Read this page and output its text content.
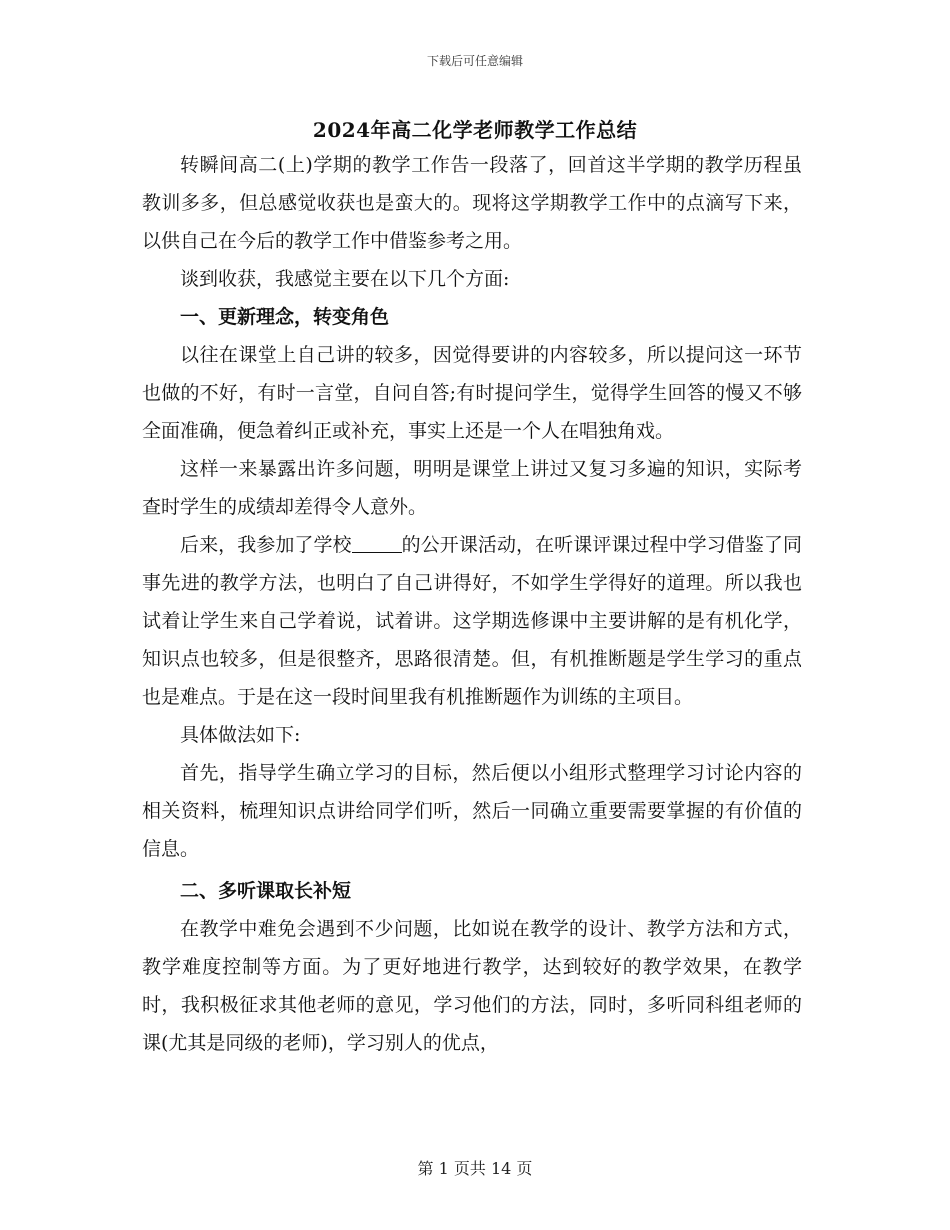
下载后可任意编辑
2024年高二化学老师教学工作总结

转瞬间高二(上)学期的教学工作告一段落了，回首这半学期的教学历程虽教训多多，但总感觉收获也是蛮大的。现将这学期教学工作中的点滴写下来，以供自己在今后的教学工作中借鉴参考之用。

谈到收获，我感觉主要在以下几个方面:

一、更新理念，转变角色

以往在课堂上自己讲的较多，因觉得要讲的内容较多，所以提问这一环节也做的不好，有时一言堂，自问自答;有时提问学生，觉得学生回答的慢又不够全面准确，便急着纠正或补充，事实上还是一个人在唱独角戏。

这样一来暴露出许多问题，明明是课堂上讲过又复习多遍的知识，实际考查时学生的成绩却差得令人意外。

后来，我参加了学校	的公开课活动，在听课评课过程中学习借鉴了同事先进的教学方法，也明白了自己讲得好，不如学生学得好的道理。所以我也试着让学生来自己学着说，试着讲。这学期选修课中主要讲解的是有机化学，知识点也较多，但是很整齐，思路很清楚。但，有机推断题是学生学习的重点也是难点。于是在这一段时间里我有机推断题作为训练的主项目。

具体做法如下:

首先，指导学生确立学习的目标，然后便以小组形式整理学习讨论内容的相关资料，梳理知识点讲给同学们听，然后一同确立重要需要掌握的有价值的信息。

二、多听课取长补短

在教学中难免会遇到不少问题，比如说在教学的设计、教学方法和方式，教学难度控制等方面。为了更好地进行教学，达到较好的教学效果，在教学时，我积极征求其他老师的意见，学习他们的方法，同时，多听同科组老师的课(尤其是同级的老师)，学习别人的优点，

第 1 页共 14 页
